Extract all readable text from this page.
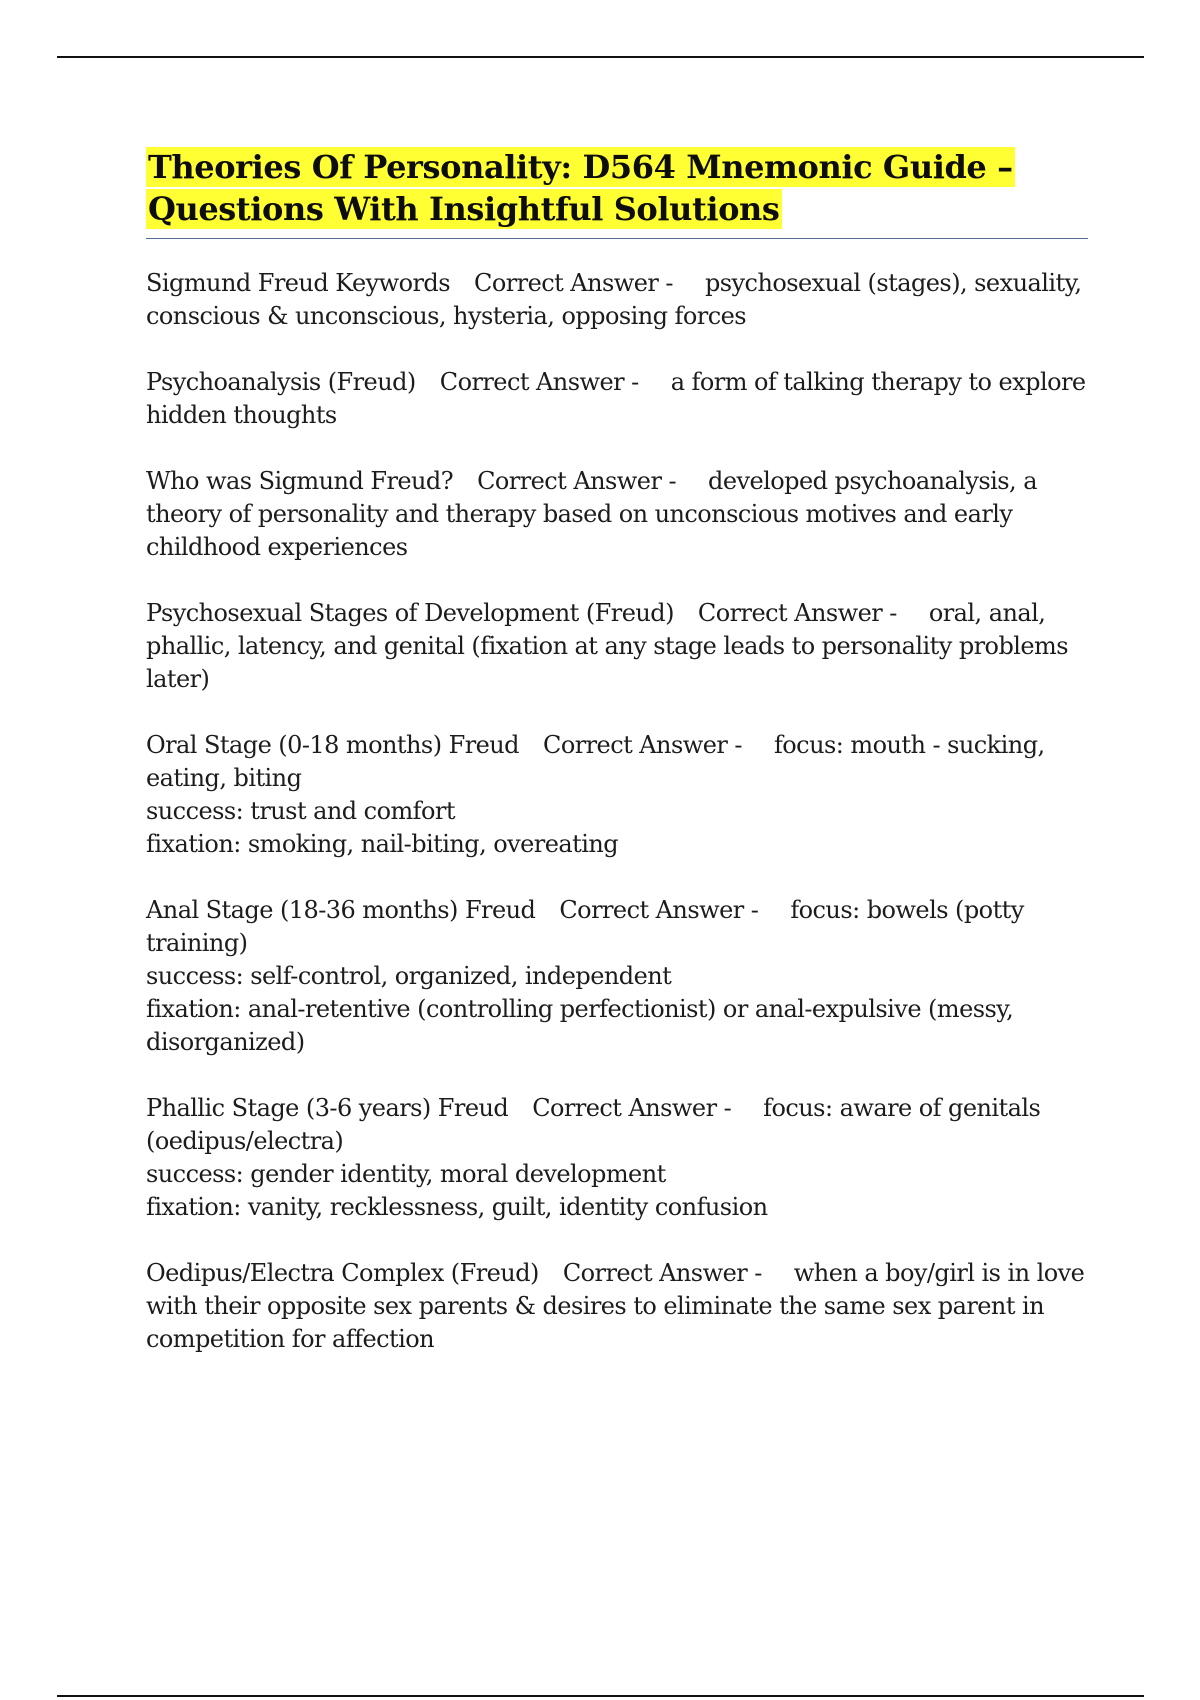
Theories Of Personality: D564 Mnemonic Guide – Questions With Insightful Solutions

Sigmund Freud Keywords Correct Answer - psychosexual (stages), sexuality, conscious & unconscious, hysteria, opposing forces

Psychoanalysis (Freud) Correct Answer - a form of talking therapy to explore hidden thoughts

Who was Sigmund Freud? Correct Answer - developed psychoanalysis, a theory of personality and therapy based on unconscious motives and early childhood experiences

Psychosexual Stages of Development (Freud) Correct Answer - oral, anal, phallic, latency, and genital (fixation at any stage leads to personality problems later)

Oral Stage (0-18 months) Freud Correct Answer - focus: mouth - sucking, eating, biting
success: trust and comfort
fixation: smoking, nail-biting, overeating

Anal Stage (18-36 months) Freud Correct Answer - focus: bowels (potty training)
success: self-control, organized, independent
fixation: anal-retentive (controlling perfectionist) or anal-expulsive (messy, disorganized)

Phallic Stage (3-6 years) Freud Correct Answer - focus: aware of genitals (oedipus/electra)
success: gender identity, moral development
fixation: vanity, recklessness, guilt, identity confusion

Oedipus/Electra Complex (Freud) Correct Answer - when a boy/girl is in love with their opposite sex parents & desires to eliminate the same sex parent in competition for affection
